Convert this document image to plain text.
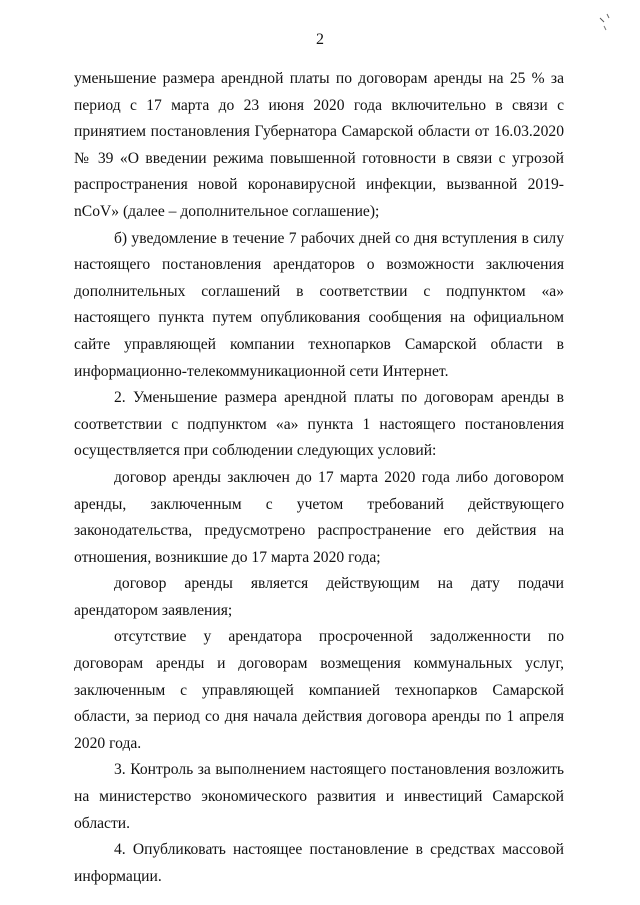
2

уменьшение размера арендной платы по договорам аренды на 25 % за период с 17 марта до 23 июня 2020 года включительно в связи с принятием постановления Губернатора Самарской области от 16.03.2020 № 39 «О введении режима повышенной готовности в связи с угрозой распространения новой коронавирусной инфекции, вызванной 2019-nCoV» (далее – дополнительное соглашение);

б) уведомление в течение 7 рабочих дней со дня вступления в силу настоящего постановления арендаторов о возможности заключения дополнительных соглашений в соответствии с подпунктом «а» настоящего пункта путем опубликования сообщения на официальном сайте управляющей компании технопарков Самарской области в информационно-телекоммуникационной сети Интернет.

2. Уменьшение размера арендной платы по договорам аренды в соответствии с подпунктом «а» пункта 1 настоящего постановления осуществляется при соблюдении следующих условий:

договор аренды заключен до 17 марта 2020 года либо договором аренды, заключенным с учетом требований действующего законодательства, предусмотрено распространение его действия на отношения, возникшие до 17 марта 2020 года;

договор аренды является действующим на дату подачи арендатором заявления;

отсутствие у арендатора просроченной задолженности по договорам аренды и договорам возмещения коммунальных услуг, заключенным с управляющей компанией технопарков Самарской области, за период со дня начала действия договора аренды по 1 апреля 2020 года.

3. Контроль за выполнением настоящего постановления возложить на министерство экономического развития и инвестиций Самарской области.

4. Опубликовать настоящее постановление в средствах массовой информации.
